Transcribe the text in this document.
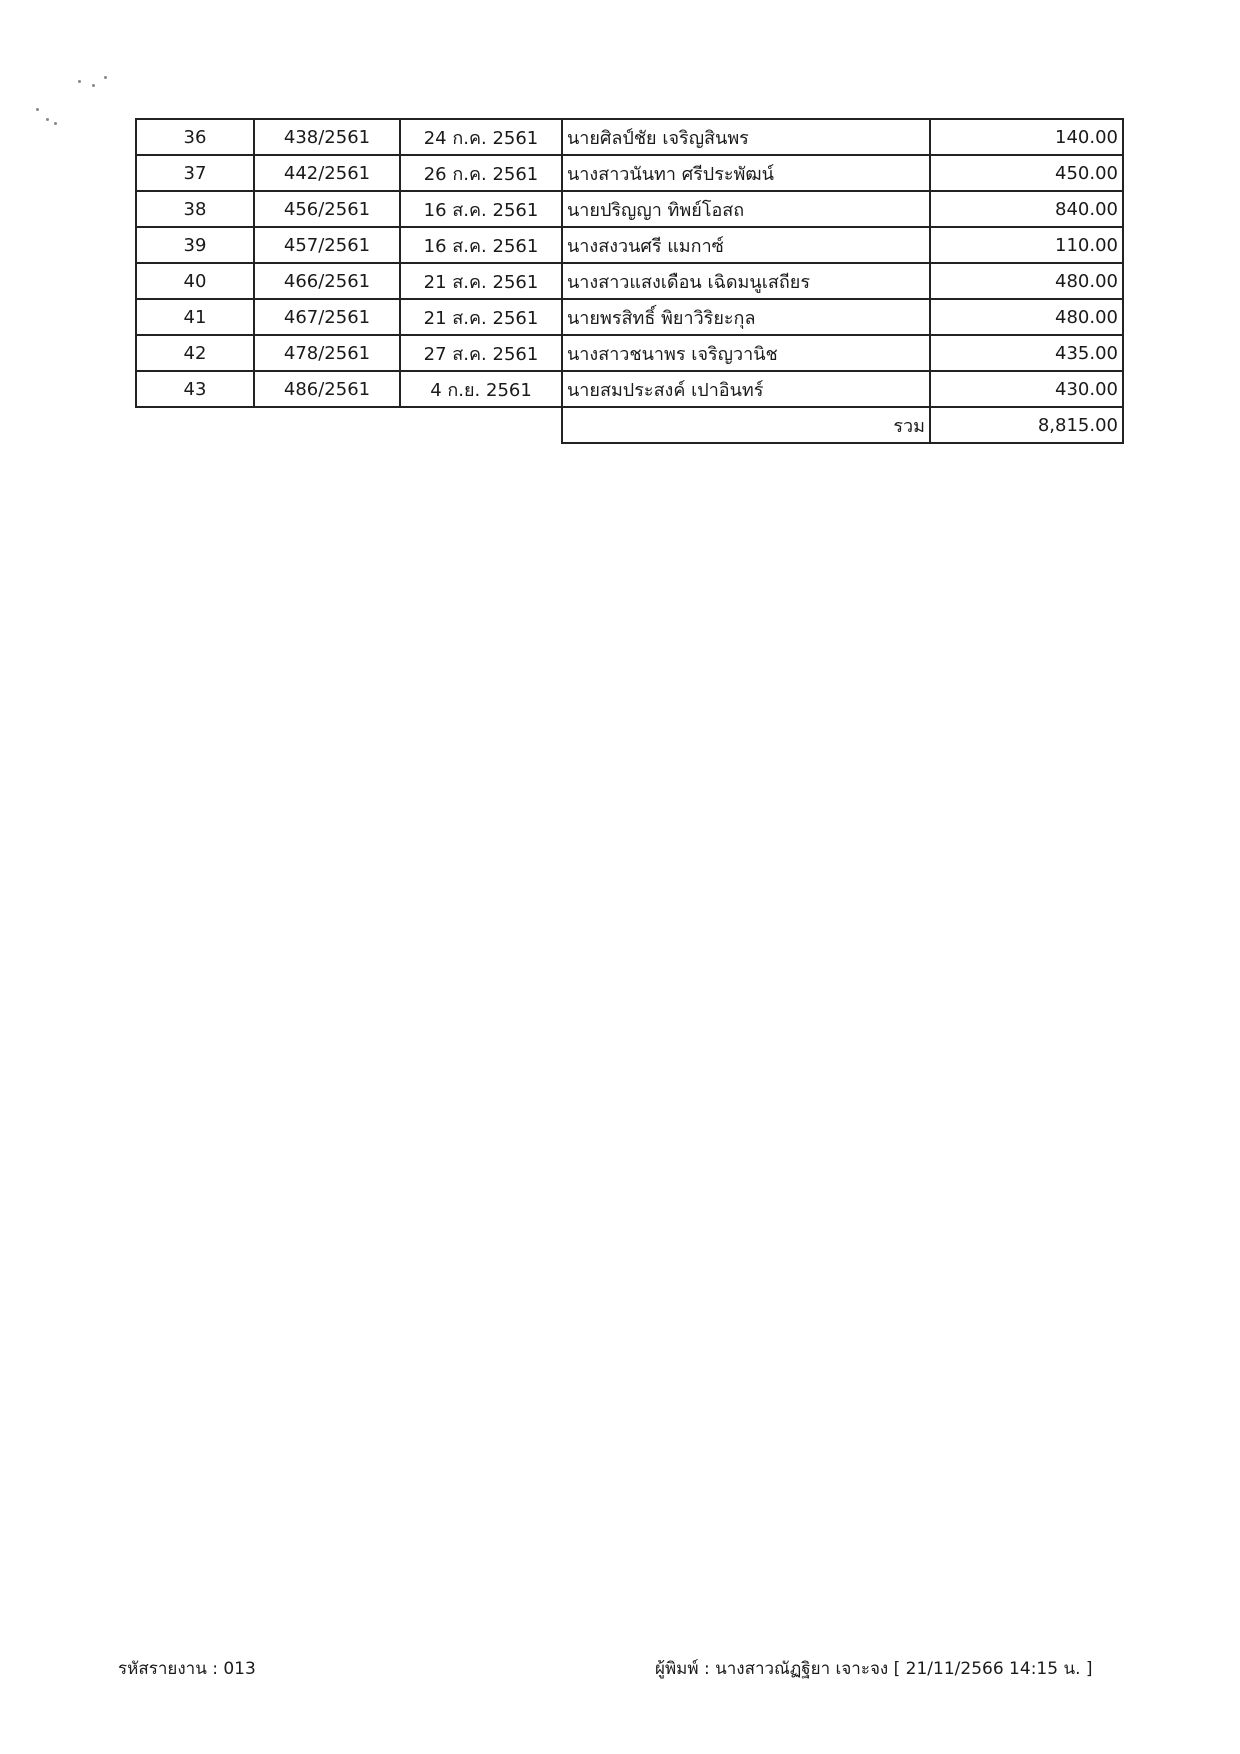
36	438/2561	24 ก.ค. 2561	นายศิลป์ชัย เจริญสินพร	140.00
37	442/2561	26 ก.ค. 2561	นางสาวนันทา ศรีประพัฒน์	450.00
38	456/2561	16 ส.ค. 2561	นายปริญญา ทิพย์โอสถ	840.00
39	457/2561	16 ส.ค. 2561	นางสงวนศรี แมกาซ์	110.00
40	466/2561	21 ส.ค. 2561	นางสาวแสงเดือน เฉิดมนูเสถียร	480.00
41	467/2561	21 ส.ค. 2561	นายพรสิทธิ์ พิยาวิริยะกุล	480.00
42	478/2561	27 ส.ค. 2561	นางสาวชนาพร เจริญวานิช	435.00
43	486/2561	4 ก.ย. 2561	นายสมประสงค์ เปาอินทร์	430.00
			รวม	8,815.00
รหัสรายงาน : 013	ผู้พิมพ์ : นางสาวณัฏฐิยา เจาะจง [ 21/11/2566 14:15 น. ]
